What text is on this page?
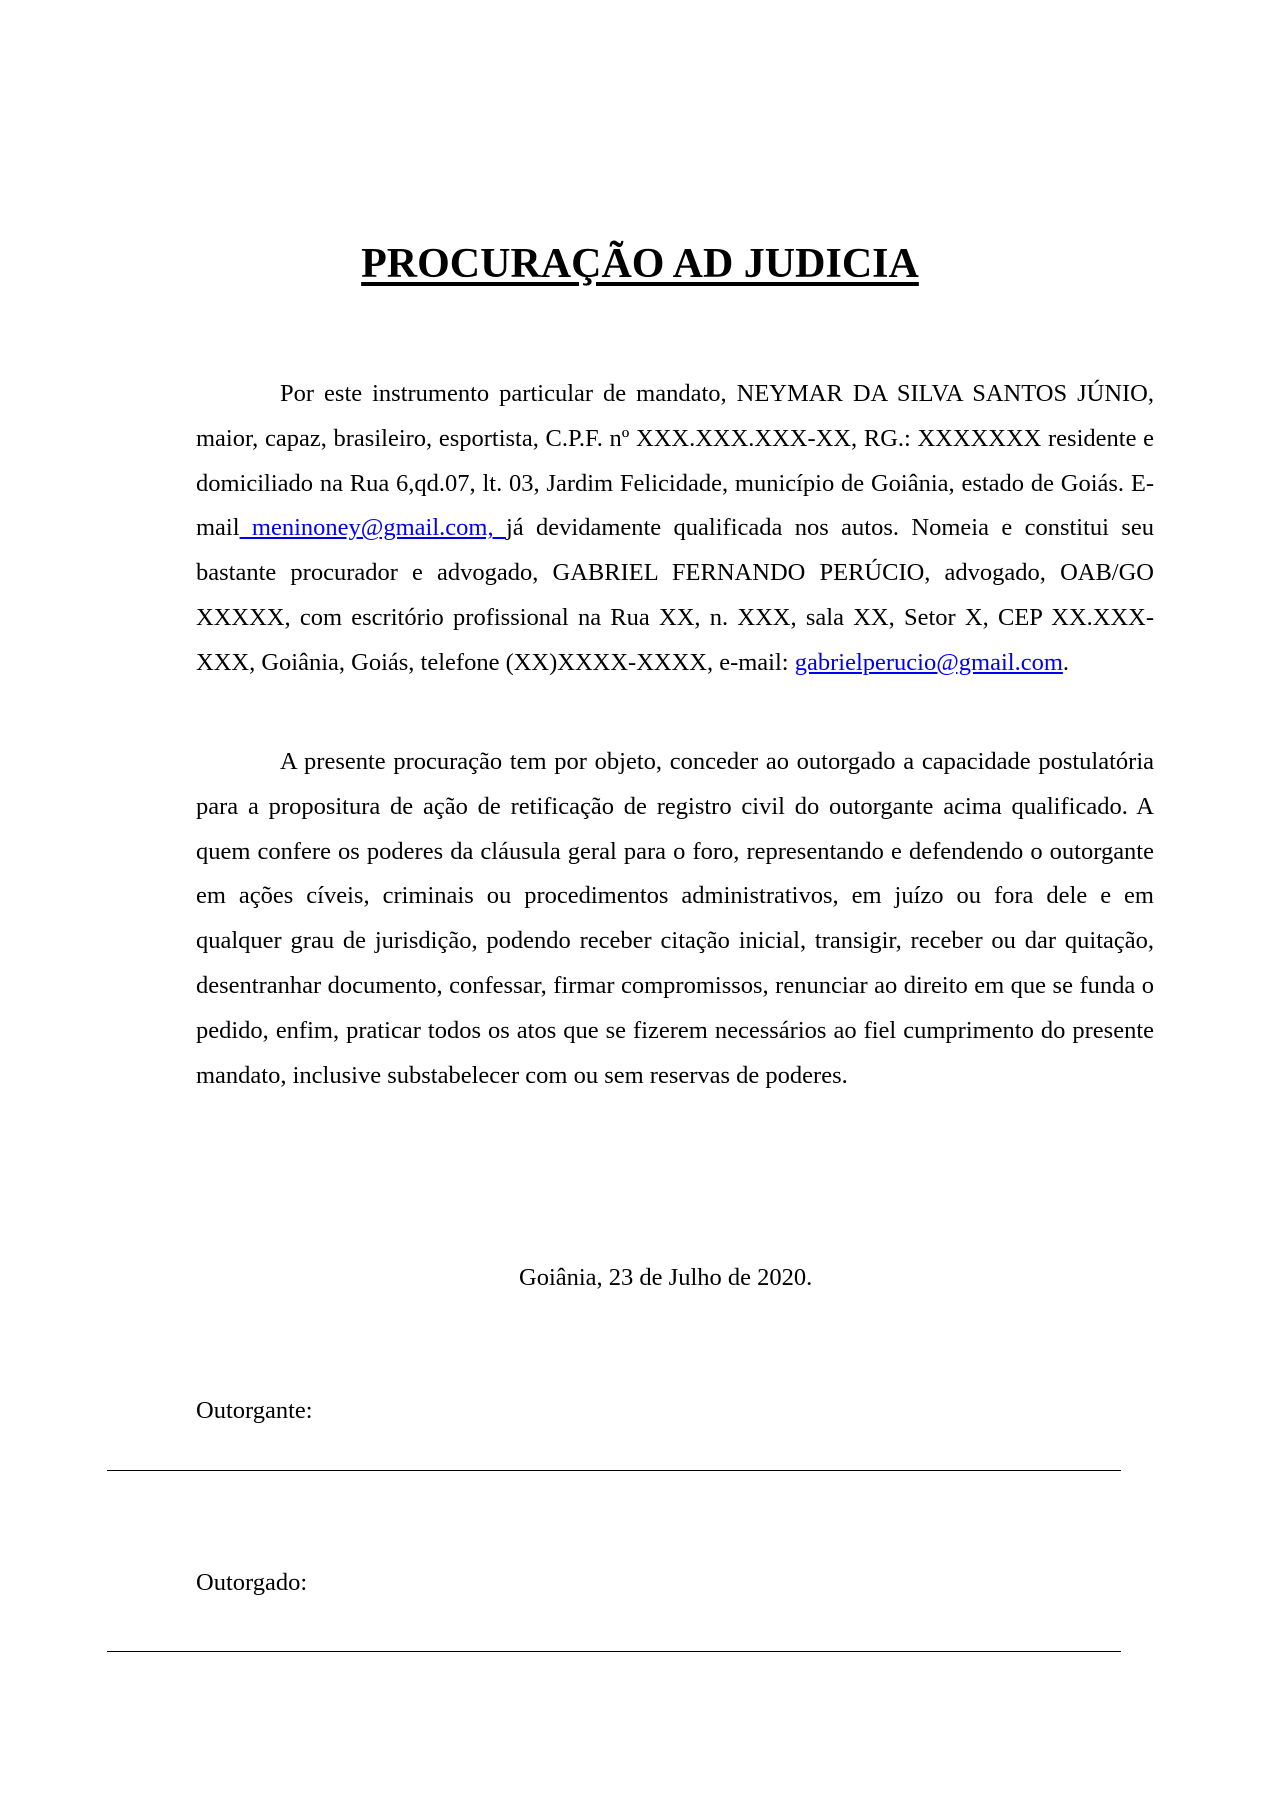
PROCURAÇÃO AD JUDICIA

Por este instrumento particular de mandato, NEYMAR DA SILVA SANTOS JÚNIO, maior, capaz, brasileiro, esportista, C.P.F. nº XXX.XXX.XXX-XX, RG.: XXXXXXX residente e domiciliado na Rua 6,qd.07, lt. 03, Jardim Felicidade, município de Goiânia, estado de Goiás. E-mail meninoney@gmail.com, já devidamente qualificada nos autos. Nomeia e constitui seu bastante procurador e advogado, GABRIEL FERNANDO PERÚCIO, advogado, OAB/GO XXXXX, com escritório profissional na Rua XX, n. XXX, sala XX, Setor X, CEP XX.XXX-XXX, Goiânia, Goiás, telefone (XX)XXXX-XXXX, e-mail: gabrielperucio@gmail.com.

A presente procuração tem por objeto, conceder ao outorgado a capacidade postulatória para a propositura de ação de retificação de registro civil do outorgante acima qualificado. A quem confere os poderes da cláusula geral para o foro, representando e defendendo o outorgante em ações cíveis, criminais ou procedimentos administrativos, em juízo ou fora dele e em qualquer grau de jurisdição, podendo receber citação inicial, transigir, receber ou dar quitação, desentranhar documento, confessar, firmar compromissos, renunciar ao direito em que se funda o pedido, enfim, praticar todos os atos que se fizerem necessários ao fiel cumprimento do presente mandato, inclusive substabelecer com ou sem reservas de poderes.

Goiânia, 23 de Julho de 2020.
Outorgante:
Outorgado:
